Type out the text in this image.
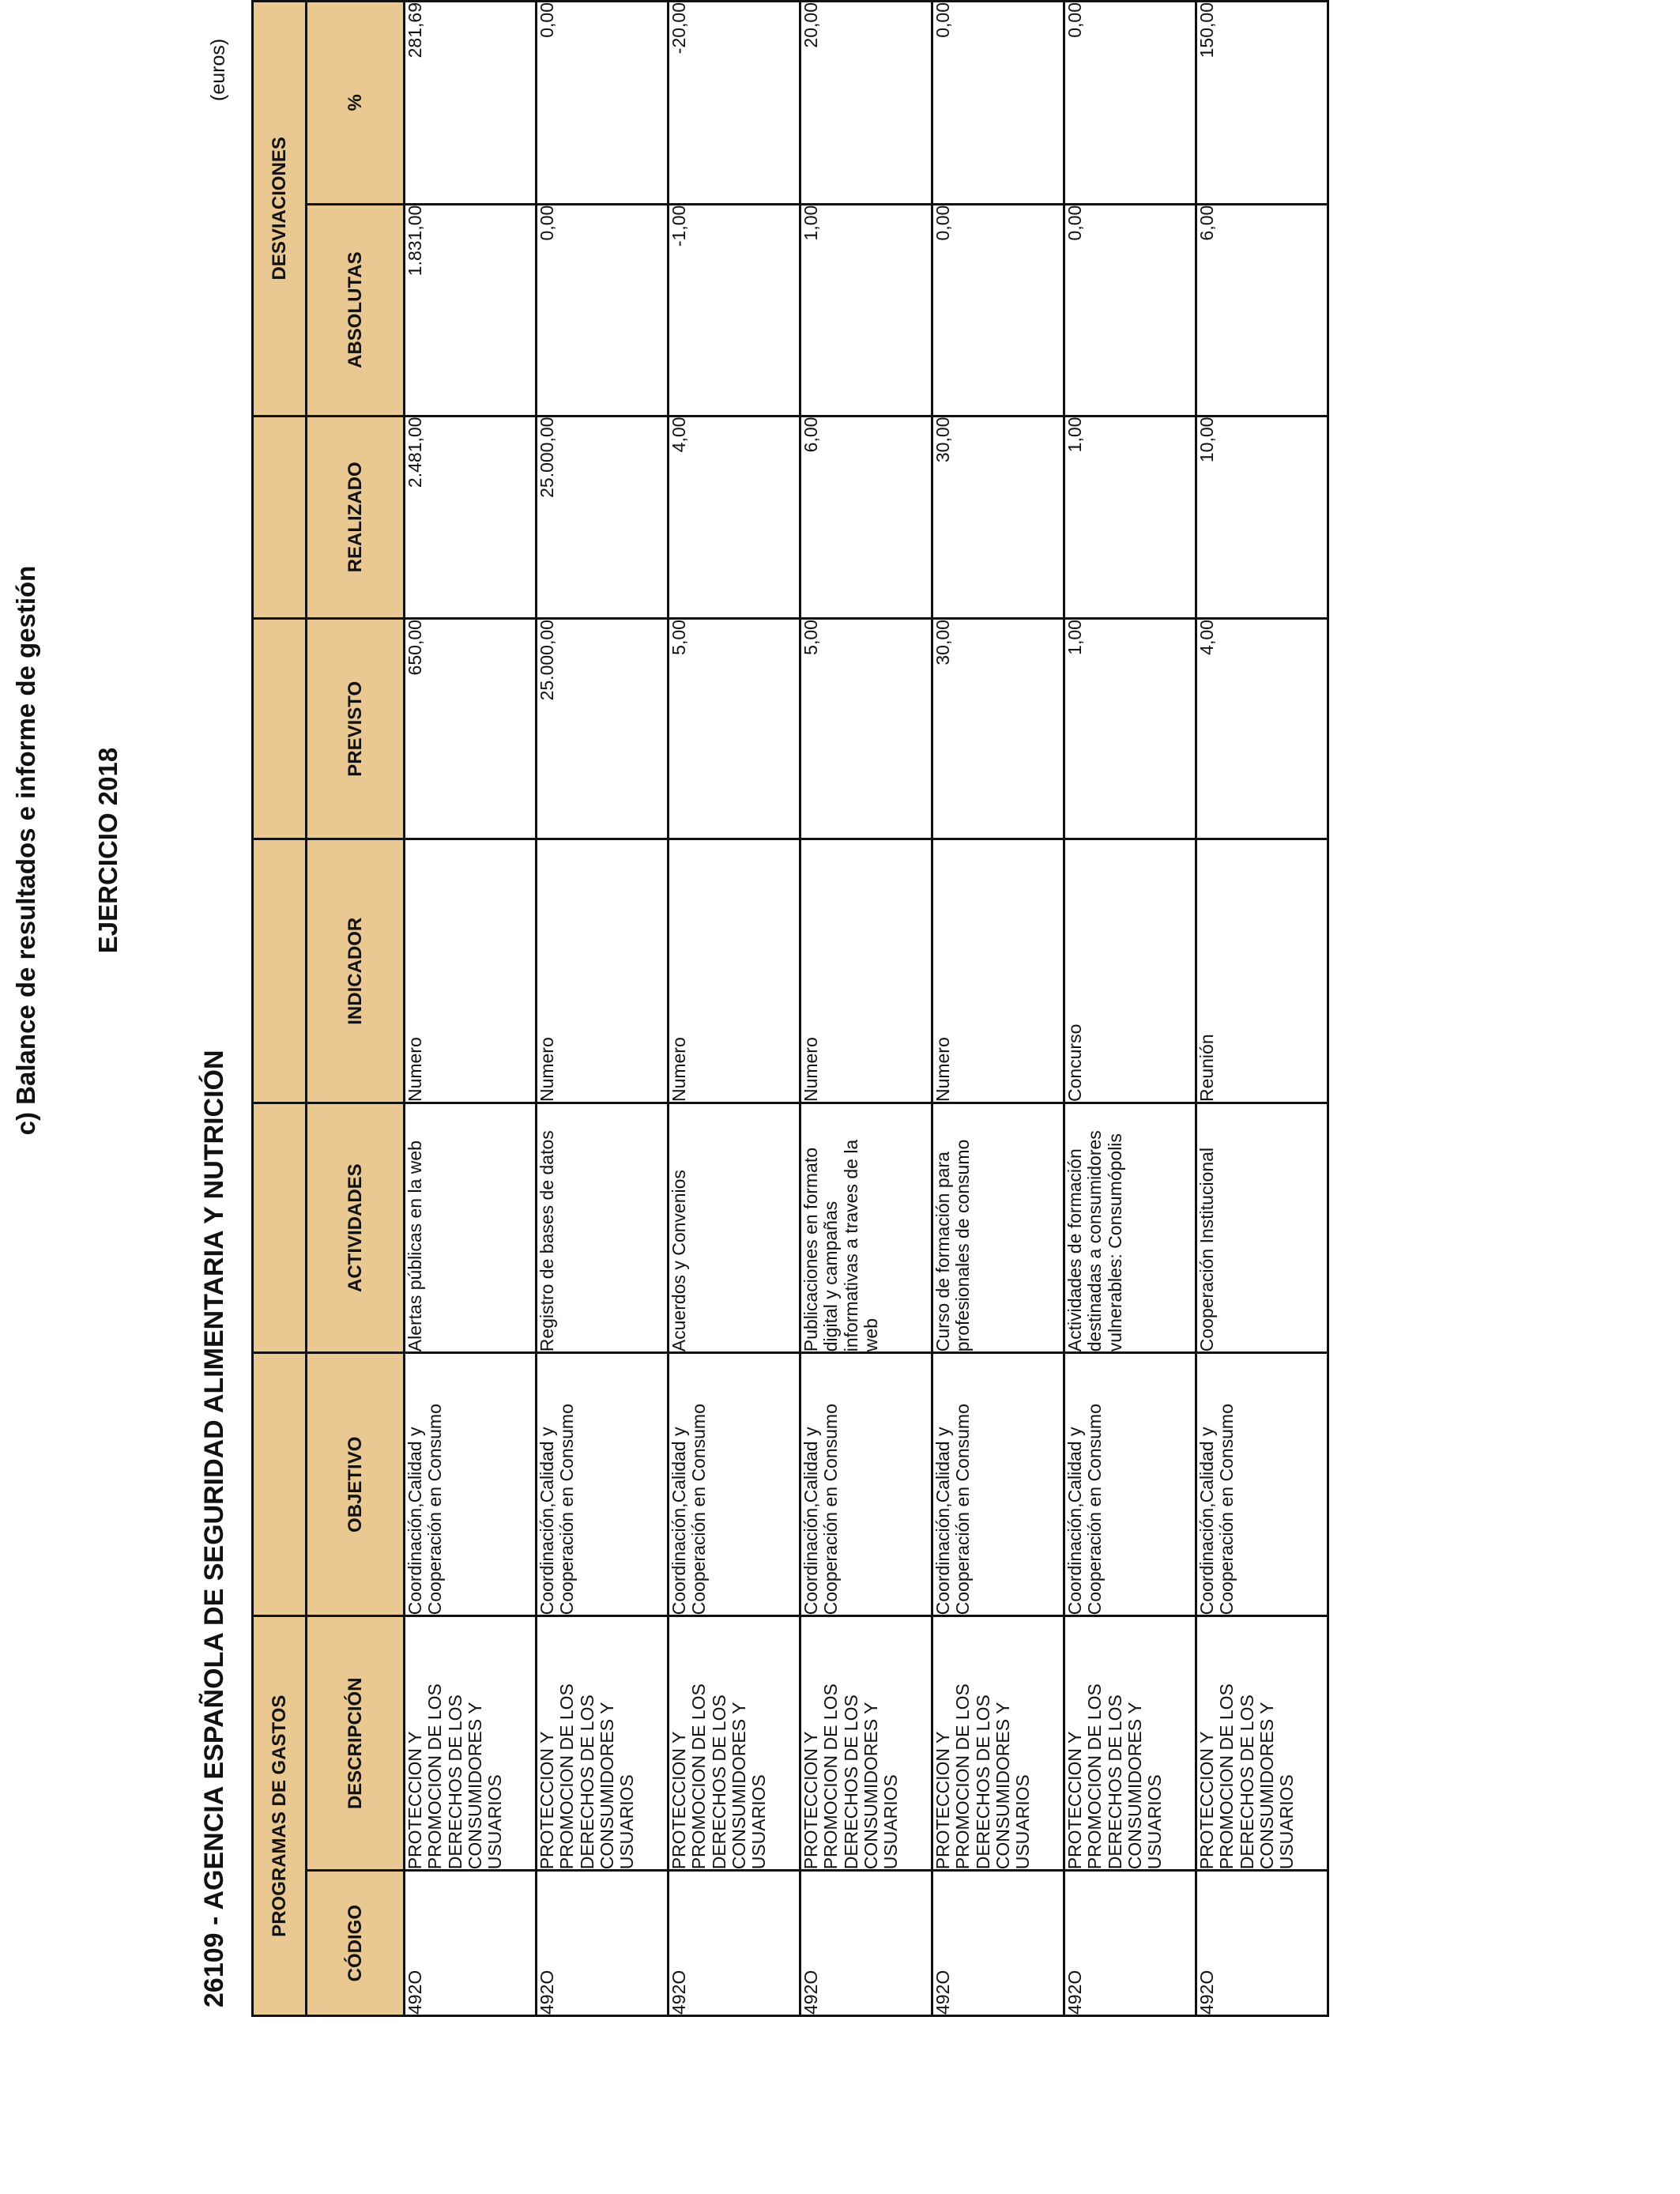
c) Balance de resultados e informe de gestión EJERCICIO 2018
26109 - AGENCIA ESPAÑOLA DE SEGURIDAD ALIMENTARIA Y NUTRICIÓN
(euros)
PROGRAMAS DE GASTOS							DESVIACIONES	
CÓDIGO	DESCRIPCIÓN	OBJETIVO	ACTIVIDADES	INDICADOR	PREVISTO	REALIZADO	ABSOLUTAS	%
492O	PROTECCION Y PROMOCION DE LOS DERECHOS DE LOS CONSUMIDORES Y USUARIOS	Coordinación,Calidad y Cooperación en Consumo	Alertas públicas en la web	Numero	650,00	2.481,00	1.831,00	281,69
492O	PROTECCION Y PROMOCION DE LOS DERECHOS DE LOS CONSUMIDORES Y USUARIOS	Coordinación,Calidad y Cooperación en Consumo	Registro de bases de datos	Numero	25.000,00	25.000,00	0,00	0,00
492O	PROTECCION Y PROMOCION DE LOS DERECHOS DE LOS CONSUMIDORES Y USUARIOS	Coordinación,Calidad y Cooperación en Consumo	Acuerdos y Convenios	Numero	5,00	4,00	-1,00	-20,00
492O	PROTECCION Y PROMOCION DE LOS DERECHOS DE LOS CONSUMIDORES Y USUARIOS	Coordinación,Calidad y Cooperación en Consumo	Publicaciones en formato digital y campañas informativas a traves de la web	Numero	5,00	6,00	1,00	20,00
492O	PROTECCION Y PROMOCION DE LOS DERECHOS DE LOS CONSUMIDORES Y USUARIOS	Coordinación,Calidad y Cooperación en Consumo	Curso de formación para profesionales de consumo	Numero	30,00	30,00	0,00	0,00
492O	PROTECCION Y PROMOCION DE LOS DERECHOS DE LOS CONSUMIDORES Y USUARIOS	Coordinación,Calidad y Cooperación en Consumo	Actividades de formación destinadas a consumidores vulnerables: Consumópolis	Concurso	1,00	1,00	0,00	0,00
492O	PROTECCION Y PROMOCION DE LOS DERECHOS DE LOS CONSUMIDORES Y USUARIOS	Coordinación,Calidad y Cooperación en Consumo	Cooperación Institucional	Reunión	4,00	10,00	6,00	150,00
